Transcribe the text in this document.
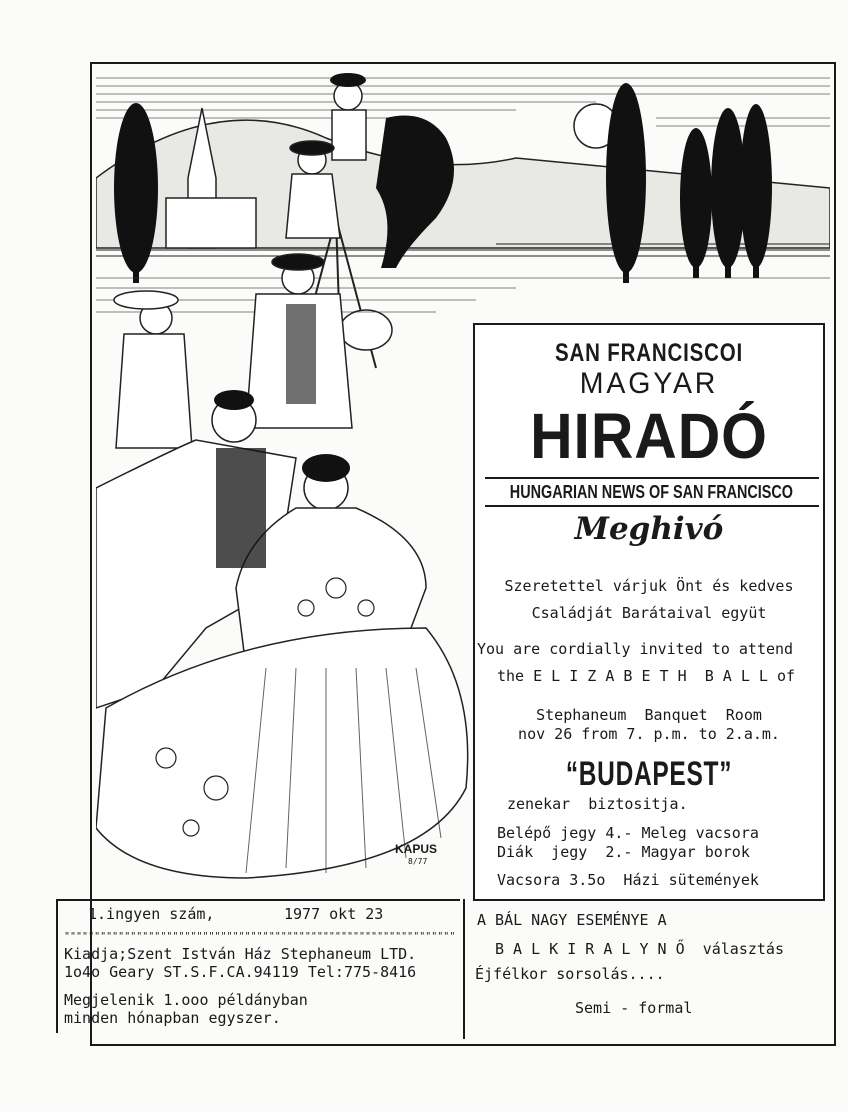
KAPUS
8/77
SAN FRANCISCOI
MAGYAR
HIRADÓ
HUNGARIAN NEWS OF SAN FRANCISCO
Meghivó
Szeretettel várjuk Önt és kedves
Családját Barátaival együt
You are cordially invited to attend
the E L I Z A B E T H  B A L L of
Stephaneum  Banquet  Room
nov 26 from 7. p.m. to 2.a.m.
“BUDAPEST”
zenekar  biztositja.
Belépő jegy 4.- Meleg vacsora
Diák  jegy  2.- Magyar borok
Vacsora 3.5o  Házi sütemények
1.ingyen szám,	1977 okt 23
"""""""""""""""""""""""""""""""""""""""""""""""""""""""""""""""""
Kiadja;Szent István Ház Stephaneum LTD.
1o4o Geary ST.S.F.CA.94119 Tel:775-8416
Megjelenik 1.ooo példányban
minden hónapban egyszer.
A BÁL NAGY ESEMÉNYE A
B A L K I R A L Y N Ő  választás
Éjfélkor sorsolás....
Semi - formal
